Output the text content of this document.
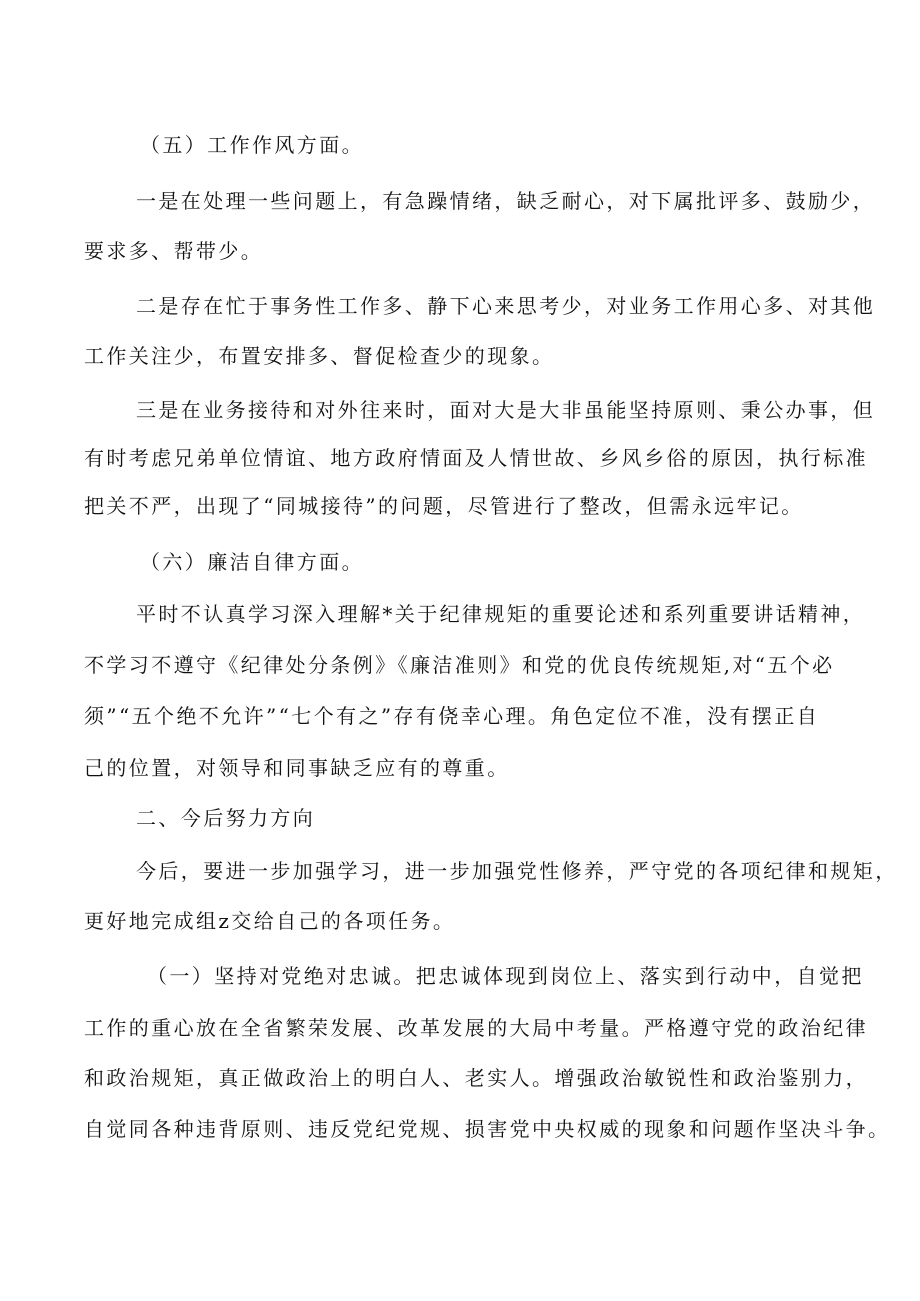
（五）工作作风方面。
一是在处理一些问题上，有急躁情绪，缺乏耐心，对下属批评多、鼓励少，
要求多、帮带少。
二是存在忙于事务性工作多、静下心来思考少，对业务工作用心多、对其他
工作关注少，布置安排多、督促检查少的现象。
三是在业务接待和对外往来时，面对大是大非虽能坚持原则、秉公办事，但
有时考虑兄弟单位情谊、地方政府情面及人情世故、乡风乡俗的原因，执行标准
把关不严，出现了“同城接待”的问题，尽管进行了整改，但需永远牢记。
（六）廉洁自律方面。
平时不认真学习深入理解*关于纪律规矩的重要论述和系列重要讲话精神，
不学习不遵守《纪律处分条例》《廉洁准则》和党的优良传统规矩,对“五个必
须”“五个绝不允许”“七个有之”存有侥幸心理。角色定位不准，没有摆正自
己的位置，对领导和同事缺乏应有的尊重。
二、今后努力方向
今后，要进一步加强学习，进一步加强党性修养，严守党的各项纪律和规矩，
更好地完成组z交给自己的各项任务。
（一）坚持对党绝对忠诚。把忠诚体现到岗位上、落实到行动中，自觉把
工作的重心放在全省繁荣发展、改革发展的大局中考量。严格遵守党的政治纪律
和政治规矩，真正做政治上的明白人、老实人。增强政治敏锐性和政治鉴别力，
自觉同各种违背原则、违反党纪党规、损害党中央权威的现象和问题作坚决斗争。
